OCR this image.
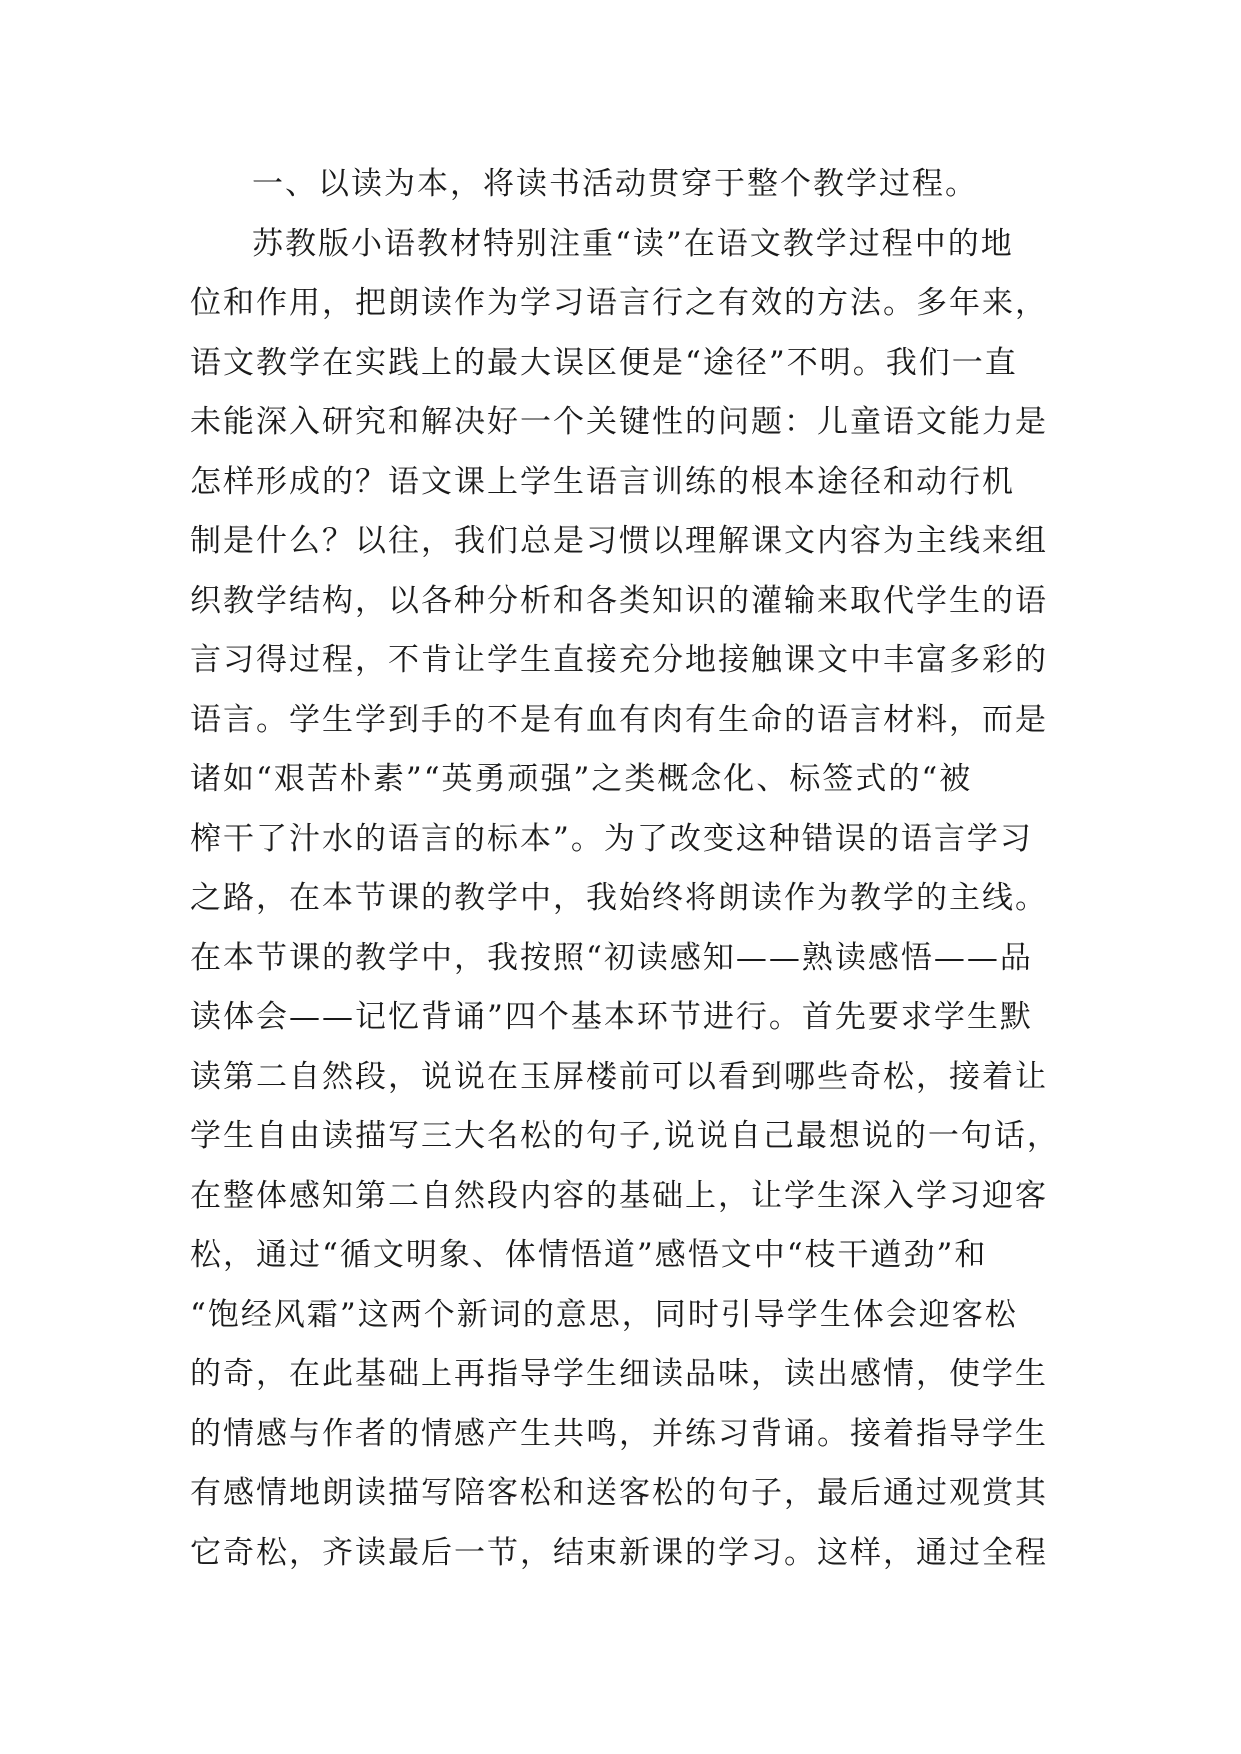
一、以读为本，将读书活动贯穿于整个教学过程。
苏教版小语教材特别注重“读”在语文教学过程中的地
位和作用，把朗读作为学习语言行之有效的方法。多年来，
语文教学在实践上的最大误区便是“途径”不明。我们一直
未能深入研究和解决好一个关键性的问题：儿童语文能力是
怎样形成的？语文课上学生语言训练的根本途径和动行机
制是什么？以往，我们总是习惯以理解课文内容为主线来组
织教学结构，以各种分析和各类知识的灌输来取代学生的语
言习得过程，不肯让学生直接充分地接触课文中丰富多彩的
语言。学生学到手的不是有血有肉有生命的语言材料，而是
诸如“艰苦朴素”“英勇顽强”之类概念化、标签式的“被
榨干了汁水的语言的标本”。为了改变这种错误的语言学习
之路，在本节课的教学中，我始终将朗读作为教学的主线。
在本节课的教学中，我按照“初读感知——熟读感悟——品
读体会——记忆背诵”四个基本环节进行。首先要求学生默
读第二自然段，说说在玉屏楼前可以看到哪些奇松，接着让
学生自由读描写三大名松的句子,说说自己最想说的一句话，
在整体感知第二自然段内容的基础上，让学生深入学习迎客
松，通过“循文明象、体情悟道”感悟文中“枝干遒劲”和
“饱经风霜”这两个新词的意思，同时引导学生体会迎客松
的奇，在此基础上再指导学生细读品味，读出感情，使学生
的情感与作者的情感产生共鸣，并练习背诵。接着指导学生
有感情地朗读描写陪客松和送客松的句子，最后通过观赏其
它奇松，齐读最后一节，结束新课的学习。这样，通过全程
